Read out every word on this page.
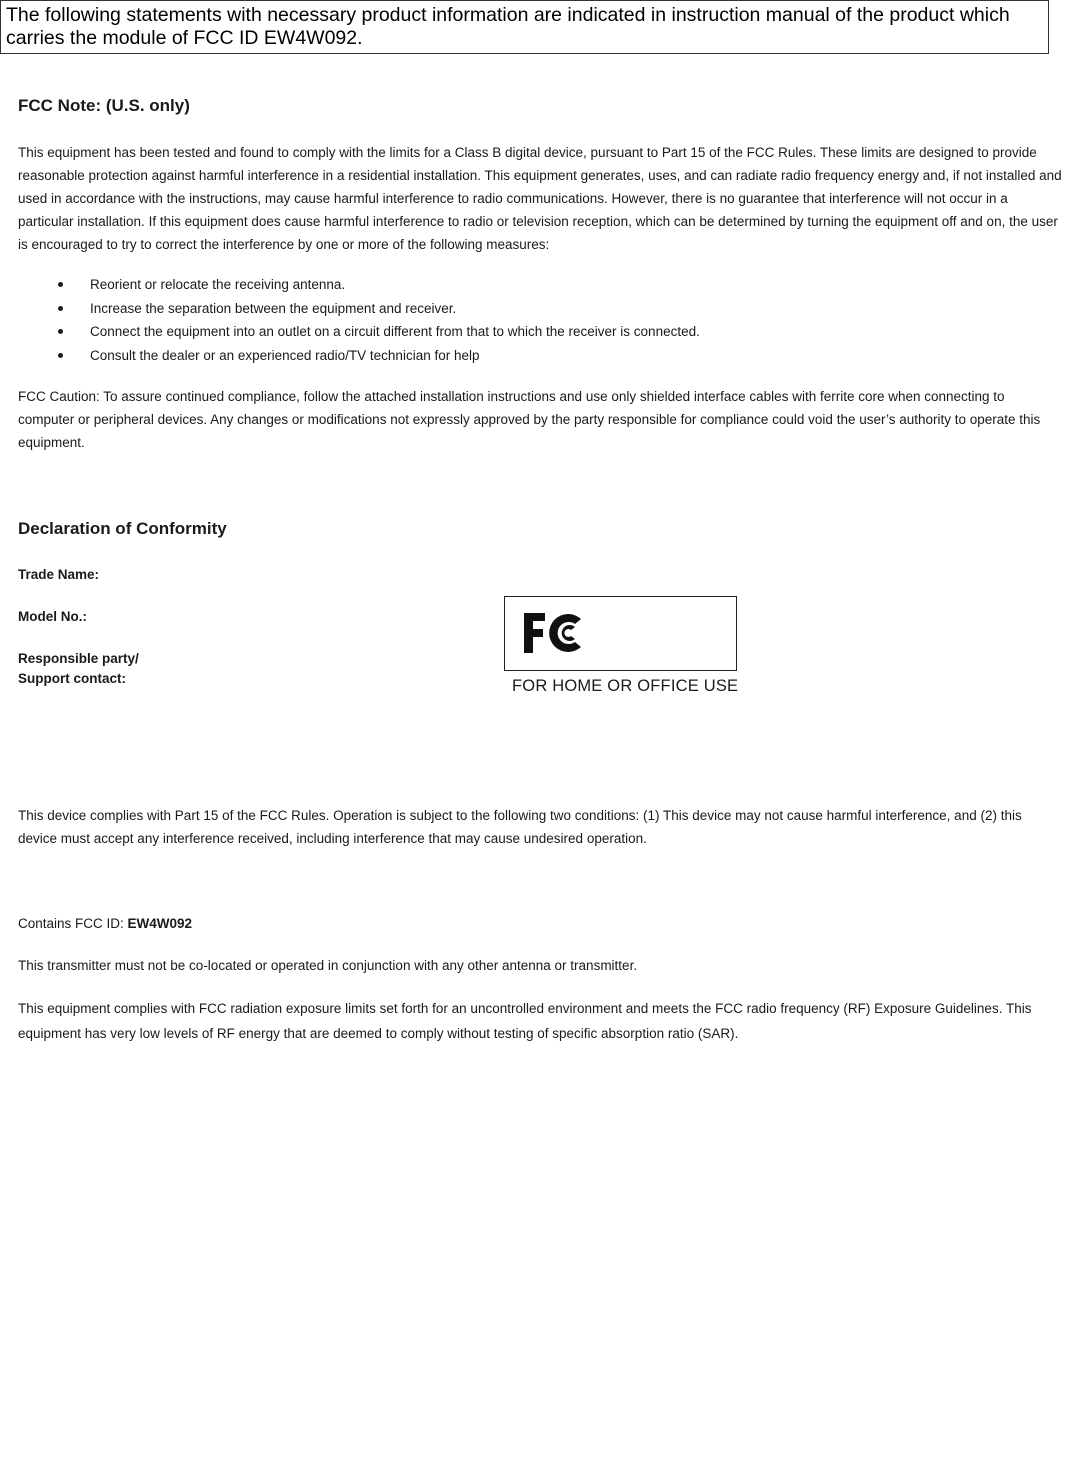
The following statements with necessary product information are indicated in instruction manual of the product which
carries the module of FCC ID EW4W092.
FCC Note: (U.S. only)

This equipment has been tested and found to comply with the limits for a Class B digital device, pursuant to Part 15 of the FCC Rules. These limits are designed to provide reasonable protection against harmful interference in a residential installation. This equipment generates, uses, and can radiate radio frequency energy and, if not installed and used in accordance with the instructions, may cause harmful interference to radio communications. However, there is no guarantee that interference will not occur in a particular installation. If this equipment does cause harmful interference to radio or television reception, which can be determined by turning the equipment off and on, the user is encouraged to try to correct the interference by one or more of the following measures:

Reorient or relocate the receiving antenna.
Increase the separation between the equipment and receiver.
Connect the equipment into an outlet on a circuit different from that to which the receiver is connected.
Consult the dealer or an experienced radio/TV technician for help

FCC Caution: To assure continued compliance, follow the attached installation instructions and use only shielded interface cables with ferrite core when connecting to computer or peripheral devices. Any changes or modifications not expressly approved by the party responsible for compliance could void the user’s authority to operate this equipment.

Declaration of Conformity
Trade Name:
Model No.:
Responsible party/
Support contact:	FOR HOME OR OFFICE USE

This device complies with Part 15 of the FCC Rules. Operation is subject to the following two conditions: (1) This device may not cause harmful interference, and (2) this device must accept any interference received, including interference that may cause undesired operation.

Contains FCC ID: EW4W092

This transmitter must not be co-located or operated in conjunction with any other antenna or transmitter.

This equipment complies with FCC radiation exposure limits set forth for an uncontrolled environment and meets the FCC radio frequency (RF) Exposure Guidelines. This equipment has very low levels of RF energy that are deemed to comply without testing of specific absorption ratio (SAR).
